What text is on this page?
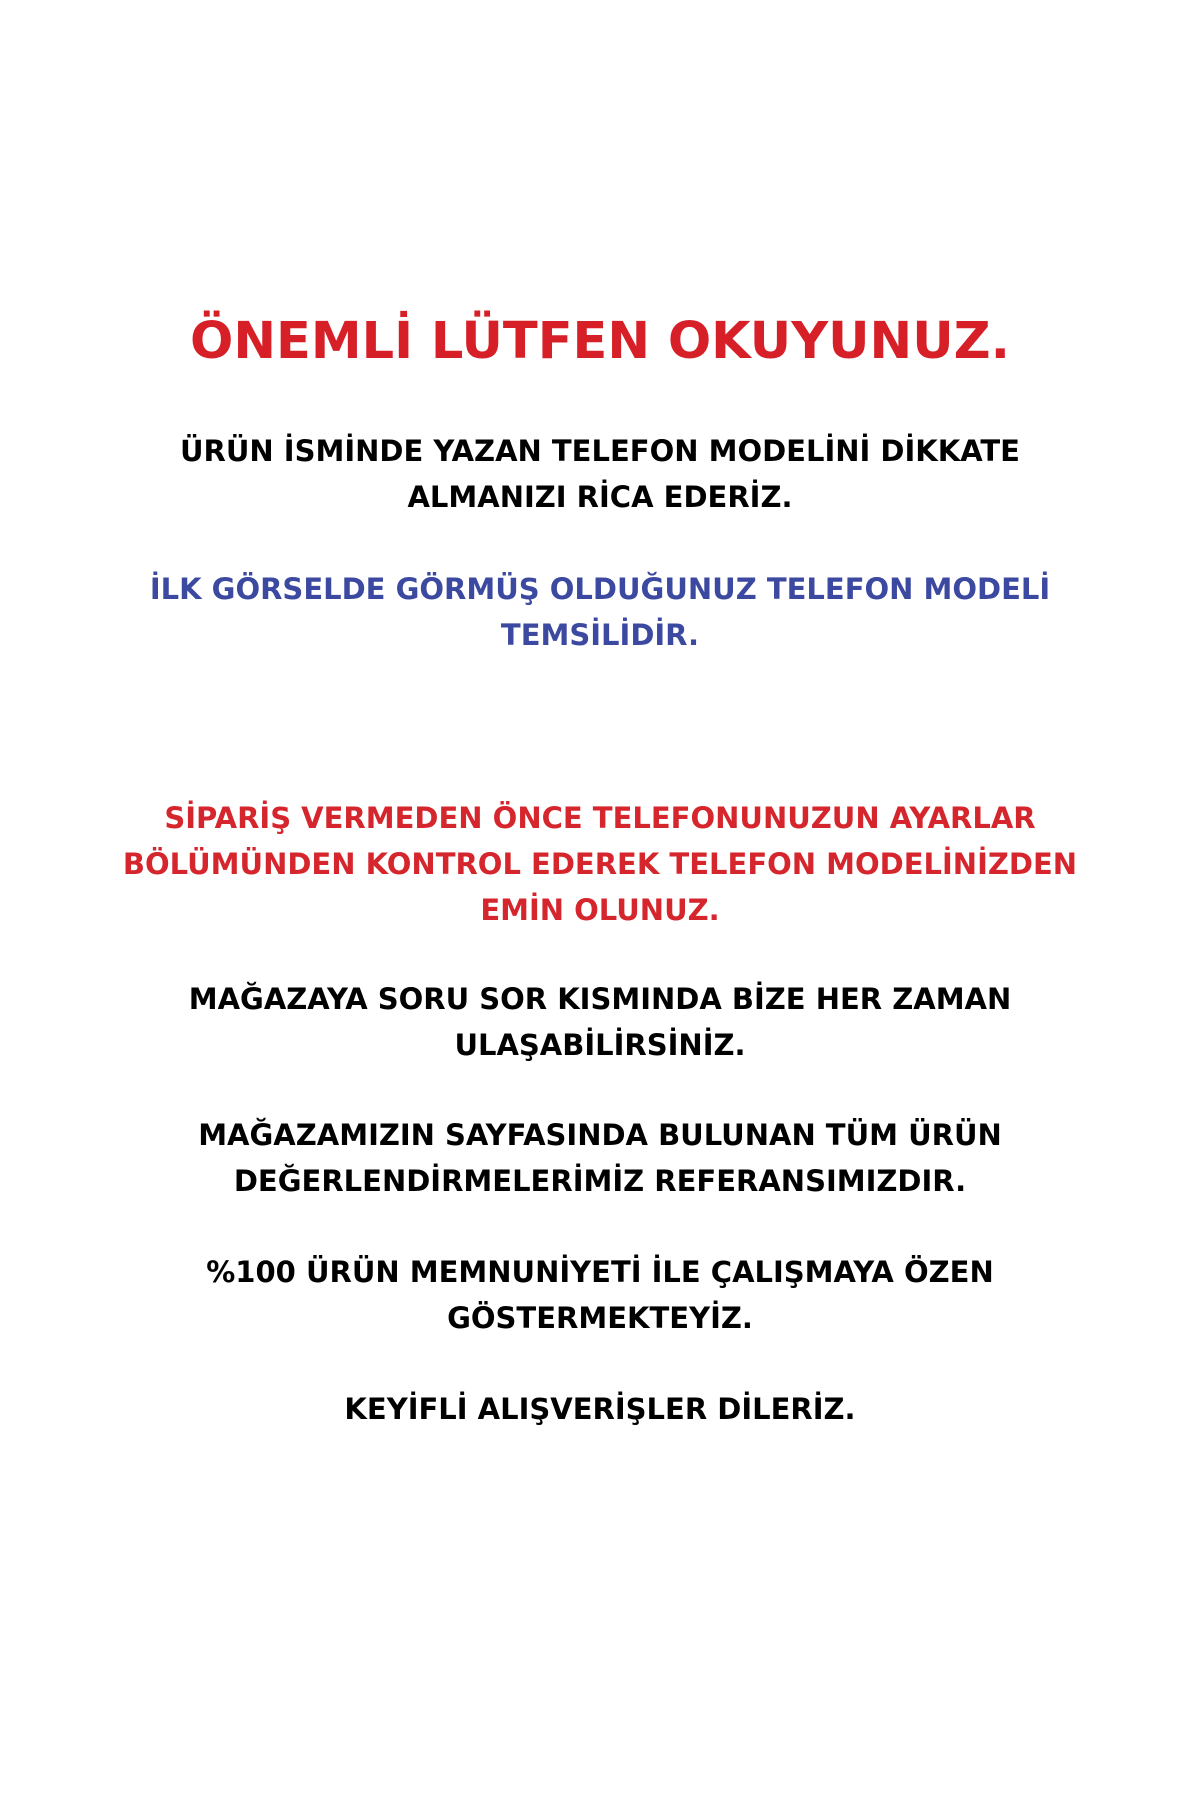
ÖNEMLİ LÜTFEN OKUYUNUZ.

ÜRÜN İSMİNDE YAZAN TELEFON MODELİNİ DİKKATE

ALMANIZI RİCA EDERİZ.

İLK GÖRSELDE GÖRMÜŞ OLDUĞUNUZ TELEFON MODELİ

TEMSİLİDİR.

SİPARİŞ VERMEDEN ÖNCE TELEFONUNUZUN AYARLAR

BÖLÜMÜNDEN KONTROL EDEREK TELEFON MODELİNİZDEN

EMİN OLUNUZ.

MAĞAZAYA SORU SOR KISMINDA BİZE HER ZAMAN

ULAŞABİLİRSİNİZ.

MAĞAZAMIZIN SAYFASINDA BULUNAN TÜM ÜRÜN

DEĞERLENDİRMELERİMİZ REFERANSIMIZDIR.

%100 ÜRÜN MEMNUNİYETİ İLE ÇALIŞMAYA ÖZEN

GÖSTERMEKTEYİZ.

KEYİFLİ ALIŞVERİŞLER DİLERİZ.
